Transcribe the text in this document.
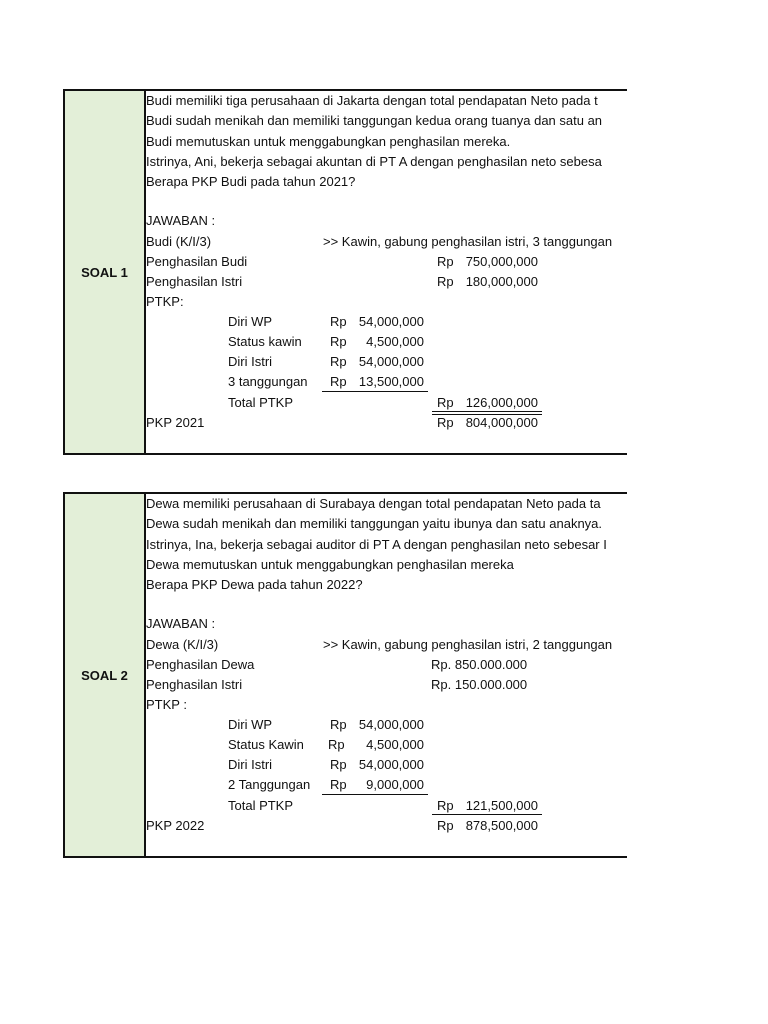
SOAL 1
Budi memiliki tiga perusahaan di Jakarta dengan total pendapatan Neto pada t
Budi sudah menikah dan memiliki tanggungan kedua orang tuanya dan satu an
Budi memutuskan untuk menggabungkan penghasilan mereka.
Istrinya, Ani, bekerja sebagai akuntan di PT A dengan penghasilan neto sebesa
Berapa PKP Budi pada tahun 2021?
JAWABAN :
Budi (K/I/3)	>> Kawin, gabung penghasilan istri, 3 tanggungan
Penghasilan Budi	Rp 750,000,000
Penghasilan Istri	Rp 180,000,000
PTKP:
Diri WP	Rp 54,000,000
Status kawin Rp	4,500,000
Diri Istri	Rp 54,000,000
3 tanggungan Rp 13,500,000
Total PTKP	Rp 126,000,000
PKP 2021	Rp 804,000,000
SOAL 2
Dewa memiliki perusahaan di Surabaya dengan total pendapatan Neto pada ta
Dewa sudah menikah dan memiliki tanggungan yaitu ibunya dan satu anaknya.
Istrinya, Ina, bekerja sebagai auditor di PT A dengan penghasilan neto sebesar I
Dewa memutuskan untuk menggabungkan penghasilan mereka
Berapa PKP Dewa pada tahun 2022?
JAWABAN :
Dewa (K/I/3)	>> Kawin, gabung penghasilan istri, 2 tanggungan
Penghasilan Dewa	Rp. 850.000.000
Penghasilan Istri	Rp. 150.000.000
PTKP :
Diri WP	Rp 54,000,000
Status Kawin Rp	4,500,000
Diri Istri	Rp 54,000,000
2 Tanggungan Rp	9,000,000
Total PTKP	Rp 121,500,000
PKP 2022	Rp 878,500,000
